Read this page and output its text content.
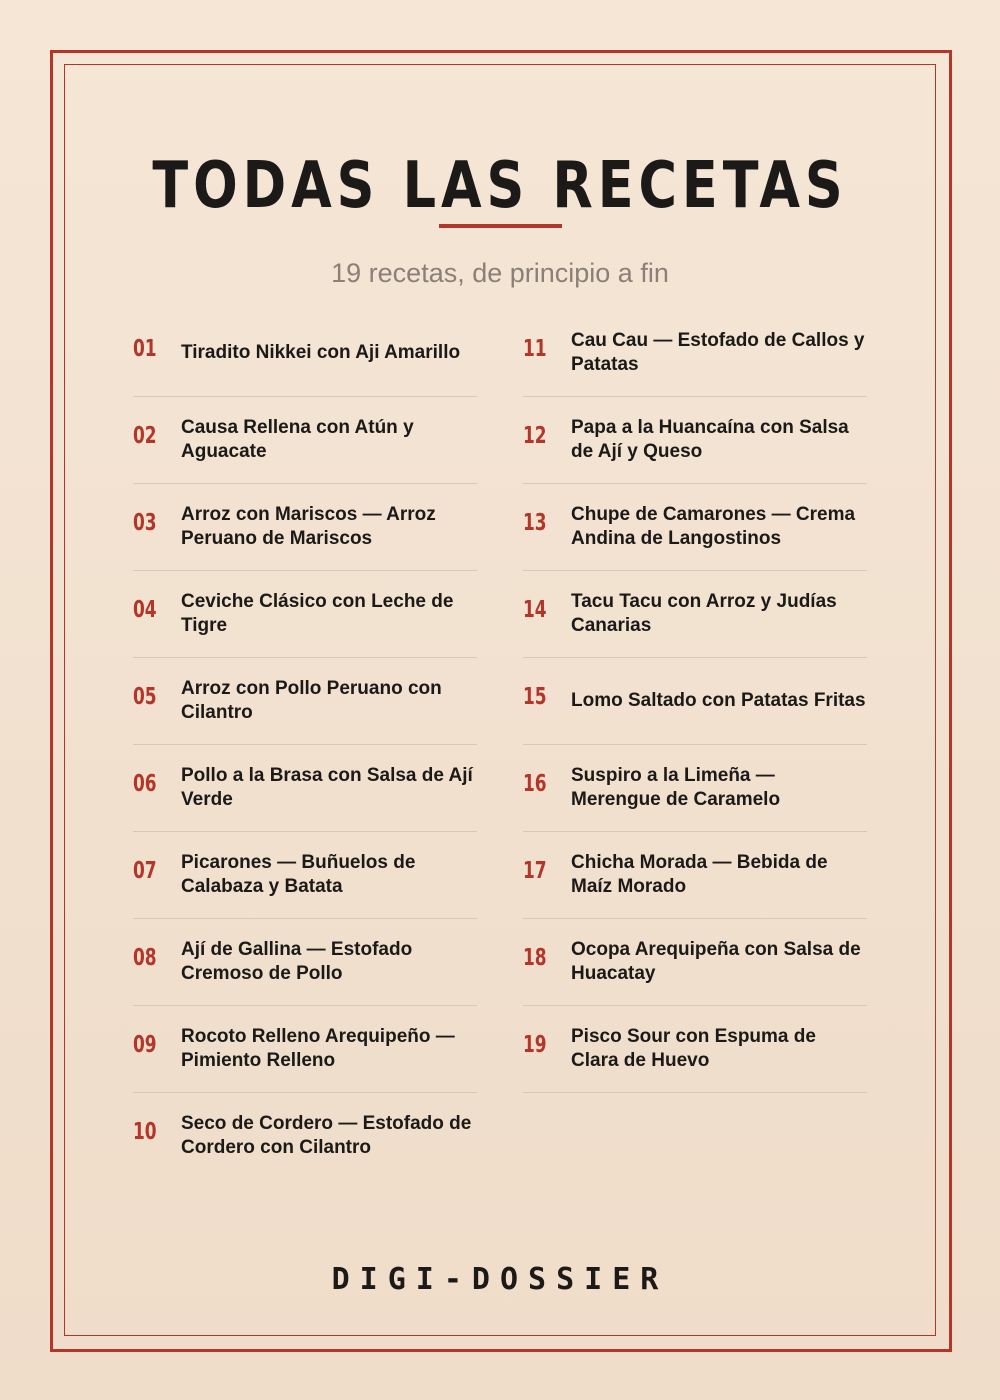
TODAS LAS RECETAS
19 recetas, de principio a fin
01 Tiradito Nikkei con Aji Amarillo
02 Causa Rellena con Atún y Aguacate
03 Arroz con Mariscos — Arroz Peruano de Mariscos
04 Ceviche Clásico con Leche de Tigre
05 Arroz con Pollo Peruano con Cilantro
06 Pollo a la Brasa con Salsa de Ají Verde
07 Picarones — Buñuelos de Calabaza y Batata
08 Ají de Gallina — Estofado Cremoso de Pollo
09 Rocoto Relleno Arequipeño — Pimiento Relleno
10 Seco de Cordero — Estofado de Cordero con Cilantro
11 Cau Cau — Estofado de Callos y Patatas
12 Papa a la Huancaína con Salsa de Ají y Queso
13 Chupe de Camarones — Crema Andina de Langostinos
14 Tacu Tacu con Arroz y Judías Canarias
15 Lomo Saltado con Patatas Fritas
16 Suspiro a la Limeña — Merengue de Caramelo
17 Chicha Morada — Bebida de Maíz Morado
18 Ocopa Arequipeña con Salsa de Huacatay
19 Pisco Sour con Espuma de Clara de Huevo
DIGI-DOSSIER
